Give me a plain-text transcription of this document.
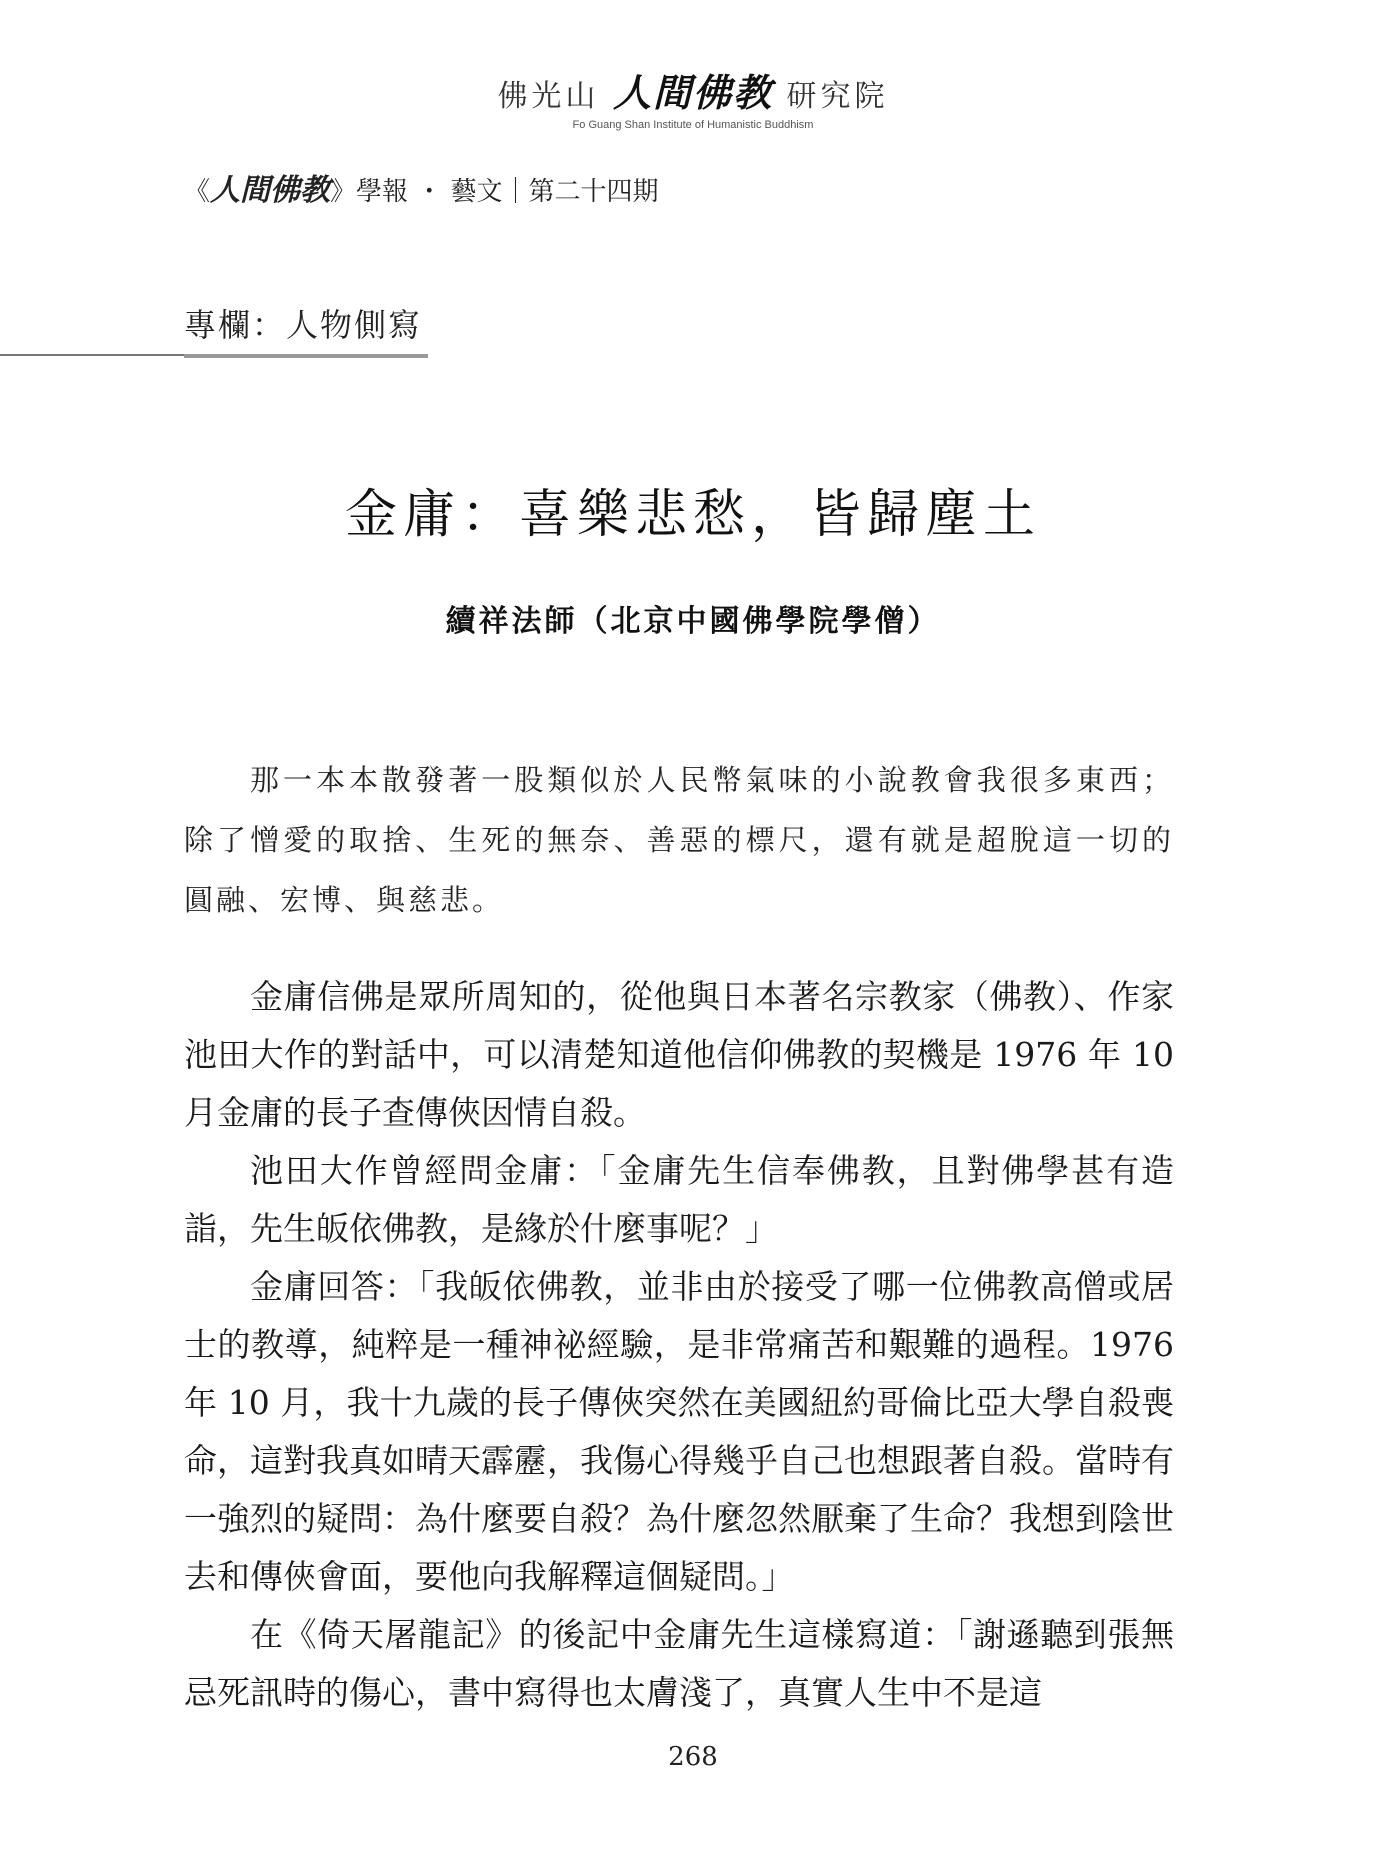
佛光山 人間佛教 研究院
Fo Guang Shan Institute of Humanistic Buddhism
《人間佛教》學報 ・ 藝文｜第二十四期
專欄：人物側寫
金庸：喜樂悲愁，皆歸塵土
續祥法師（北京中國佛學院學僧）

那一本本散發著一股類似於人民幣氣味的小說教會我很多東西；除了憎愛的取捨、生死的無奈、善惡的標尺，還有就是超脫這一切的圓融、宏博、與慈悲。

金庸信佛是眾所周知的，從他與日本著名宗教家（佛教）、作家池田大作的對話中，可以清楚知道他信仰佛教的契機是 1976 年 10 月金庸的長子查傳俠因情自殺。

池田大作曾經問金庸：「金庸先生信奉佛教，且對佛學甚有造詣，先生皈依佛教，是緣於什麼事呢？」

金庸回答：「我皈依佛教，並非由於接受了哪一位佛教高僧或居士的教導，純粹是一種神祕經驗，是非常痛苦和艱難的過程。1976 年 10 月，我十九歲的長子傳俠突然在美國紐約哥倫比亞大學自殺喪命，這對我真如晴天霹靂，我傷心得幾乎自己也想跟著自殺。當時有一強烈的疑問：為什麼要自殺？為什麼忽然厭棄了生命？我想到陰世去和傳俠會面，要他向我解釋這個疑問。」

在《倚天屠龍記》的後記中金庸先生這樣寫道：「謝遜聽到張無忌死訊時的傷心，書中寫得也太膚淺了，真實人生中不是這

268
